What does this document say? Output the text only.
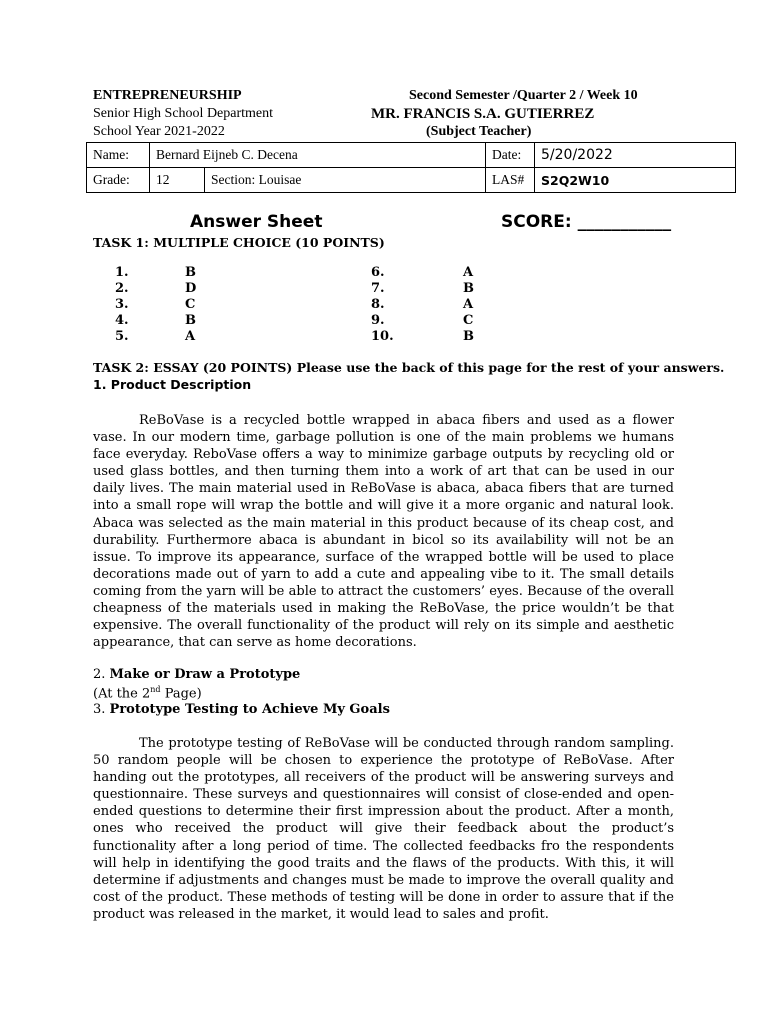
ENTREPRENEURSHIP
Senior High School Department
School Year 2021-2022
Second Semester /Quarter 2 / Week 10
MR. FRANCIS S.A. GUTIERREZ
(Subject Teacher)
Name:	Bernard Eijneb C. Decena		Date:	5/20/2022
Grade:	12	Section: Louisae	LAS#	S2Q2W10
Answer Sheet	SCORE: ___________
TASK 1: MULTIPLE CHOICE (10 POINTS)
1.	B
2.	D
3.	C
4.	B
5.	A
6.	A
7.	B
8.	A
9.	C
10.	B
TASK 2: ESSAY (20 POINTS) Please use the back of this page for the rest of your answers.
1. Product Description

ReBoVase is a recycled bottle wrapped in abaca fibers and used as a flower vase. In our modern time, garbage pollution is one of the main problems we humans face everyday. ReboVase offers a way to minimize garbage outputs by recycling old or used glass bottles, and then turning them into a work of art that can be used in our daily lives. The main material used in ReBoVase is abaca, abaca fibers that are turned into a small rope will wrap the bottle and will give it a more organic and natural look. Abaca was selected as the main material in this product because of its cheap cost, and durability. Furthermore abaca is abundant in bicol so its availability will not be an issue. To improve its appearance, surface of the wrapped bottle will be used to place decorations made out of yarn to add a cute and appealing vibe to it. The small details coming from the yarn will be able to attract the customers’ eyes. Because of the overall cheapness of the materials used in making the ReBoVase, the price wouldn’t be that expensive. The overall functionality of the product will rely on its simple and aesthetic appearance, that can serve as home decorations.

2. Make or Draw a Prototype
(At the 2nd Page)
3. Prototype Testing to Achieve My Goals

The prototype testing of ReBoVase will be conducted through random sampling. 50 random people will be chosen to experience the prototype of ReBoVase. After handing out the prototypes, all receivers of the product will be answering surveys and questionnaire. These surveys and questionnaires will consist of close-ended and open-ended questions to determine their first impression about the product. After a month, ones who received the product will give their feedback about the product’s functionality after a long period of time. The collected feedbacks fro the respondents will help in identifying the good traits and the flaws of the products. With this, it will determine if adjustments and changes must be made to improve the overall quality and cost of the product. These methods of testing will be done in order to assure that if the product was released in the market, it would lead to sales and profit.
